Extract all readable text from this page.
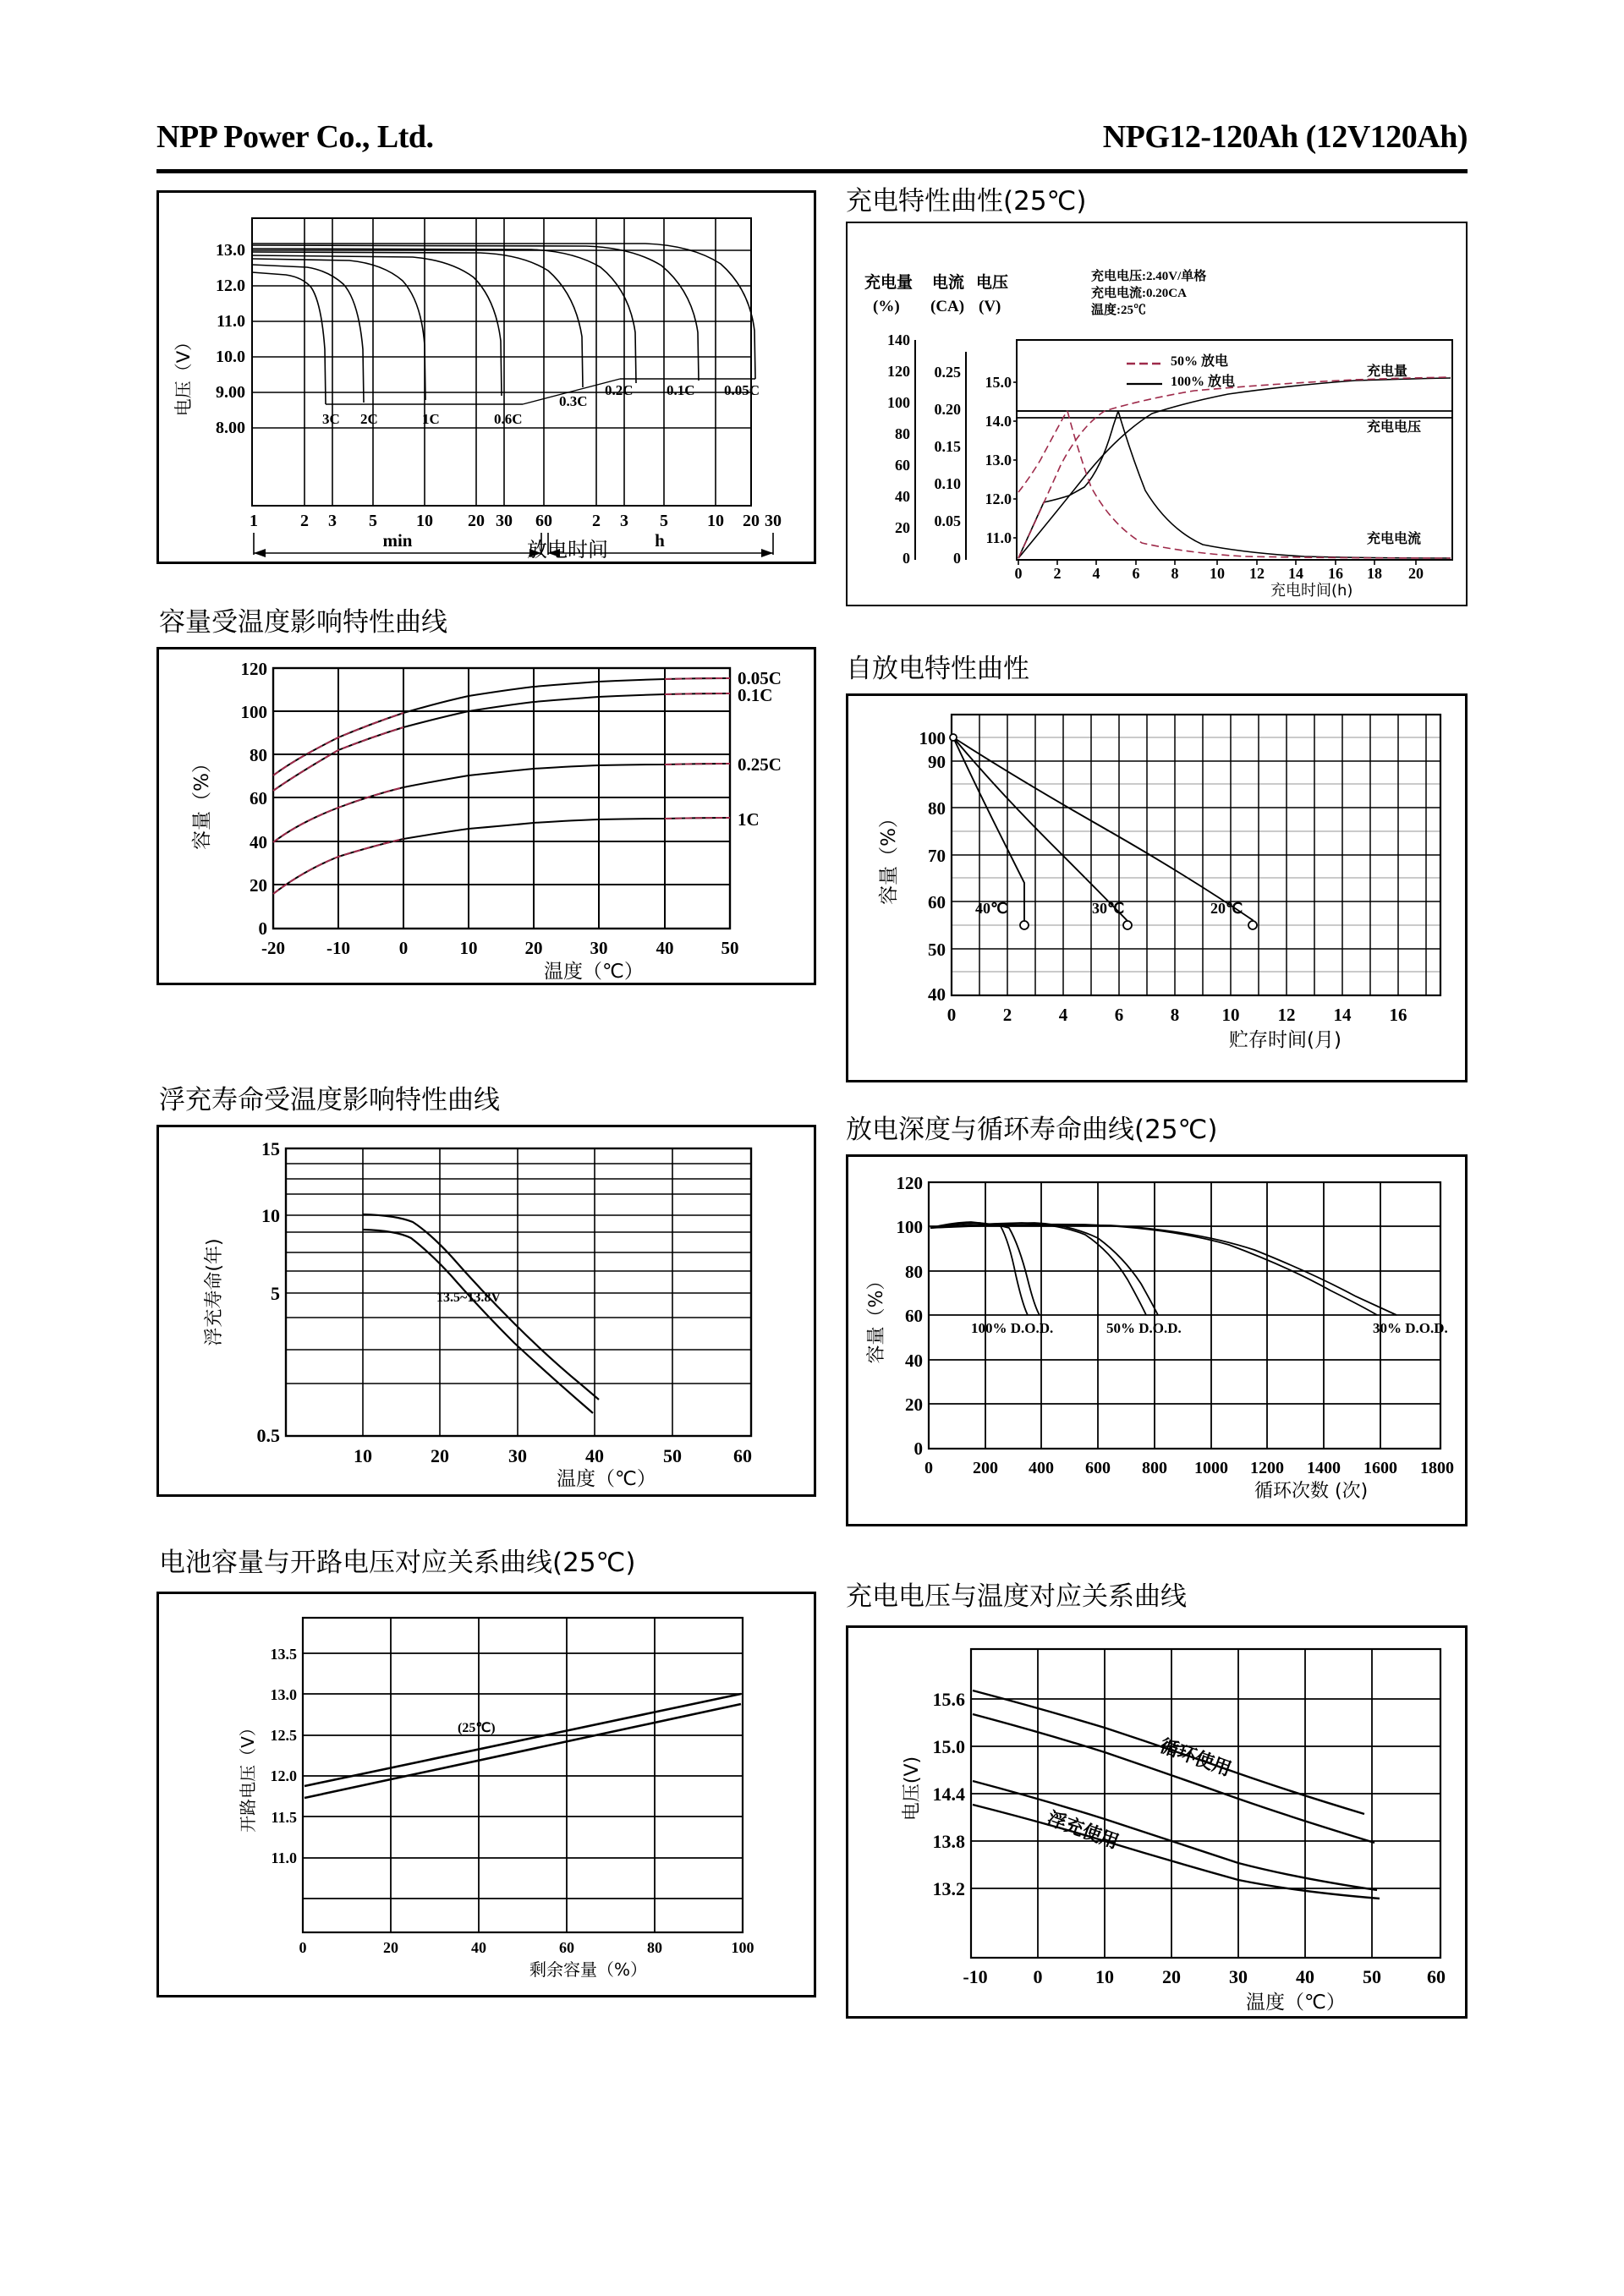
NPP Power Co., Ltd.	NPG12-120Ah (12V120Ah)
13.0
12.0
11.0
10.0
9.00
8.00
电压（V）
1	2 3 5 10 20 30 60 2 3 5 10 20 30
min	h
3C 2C	1C	0.6C
0.3C
0.2C 0.1C 0.05C
放电时间
充电特性曲性(25℃)
140
120
100
80
60
40
20
0
0.25
0.20
0.15
0.10
0.05
0
15.0
14.0
13.0
12.0
11.0
0 2 4 6 8 10 12 14 16 18 20
充电量 电流 电压
(%) (CA) (V)
充电电压:2.40V/单格
充电电流:0.20CA
温度:25℃
50% 放电
100% 放电
充电量
充电电压
充电电流
充电时间(h)
容量受温度影响特性曲线
120
100
80
60
40
20
0
-20 -10	0	10	20	30	40	50
容量（%）
0.05C
0.1C
0.25C
1C
温度（℃）
自放电特性曲性
100
90
80
70
60
50
40
0	2	4	6	8 10 12 14 16
容量（%）
40℃	30℃	20℃
贮存时间(月)
浮充寿命受温度影响特性曲线
15
10
5
0.5
10	20	30	40	50	60
浮充寿命(年)	13.5~13.8V
温度（℃）
放电深度与循环寿命曲线(25℃)
120
100
80
60
40
20
0
0 200 400 600 800 1000 1200 1400 1600 1800
容量（%）	100% D.O.D.	50% D.O.D.	30% D.O.D.
循环次数 (次)
电池容量与开路电压对应关系曲线(25℃)
13.5
13.0
12.5
12.0
11.5
11.0
0	20	40	60	80	100
开路电压（V）	(25℃)
剩余容量（%）
充电电压与温度对应关系曲线
15.6
15.0
14.4
13.8
13.2
-10 0	10	20	30	40	50 60
电压(V)	循环使用
浮充使用
温度（℃）
